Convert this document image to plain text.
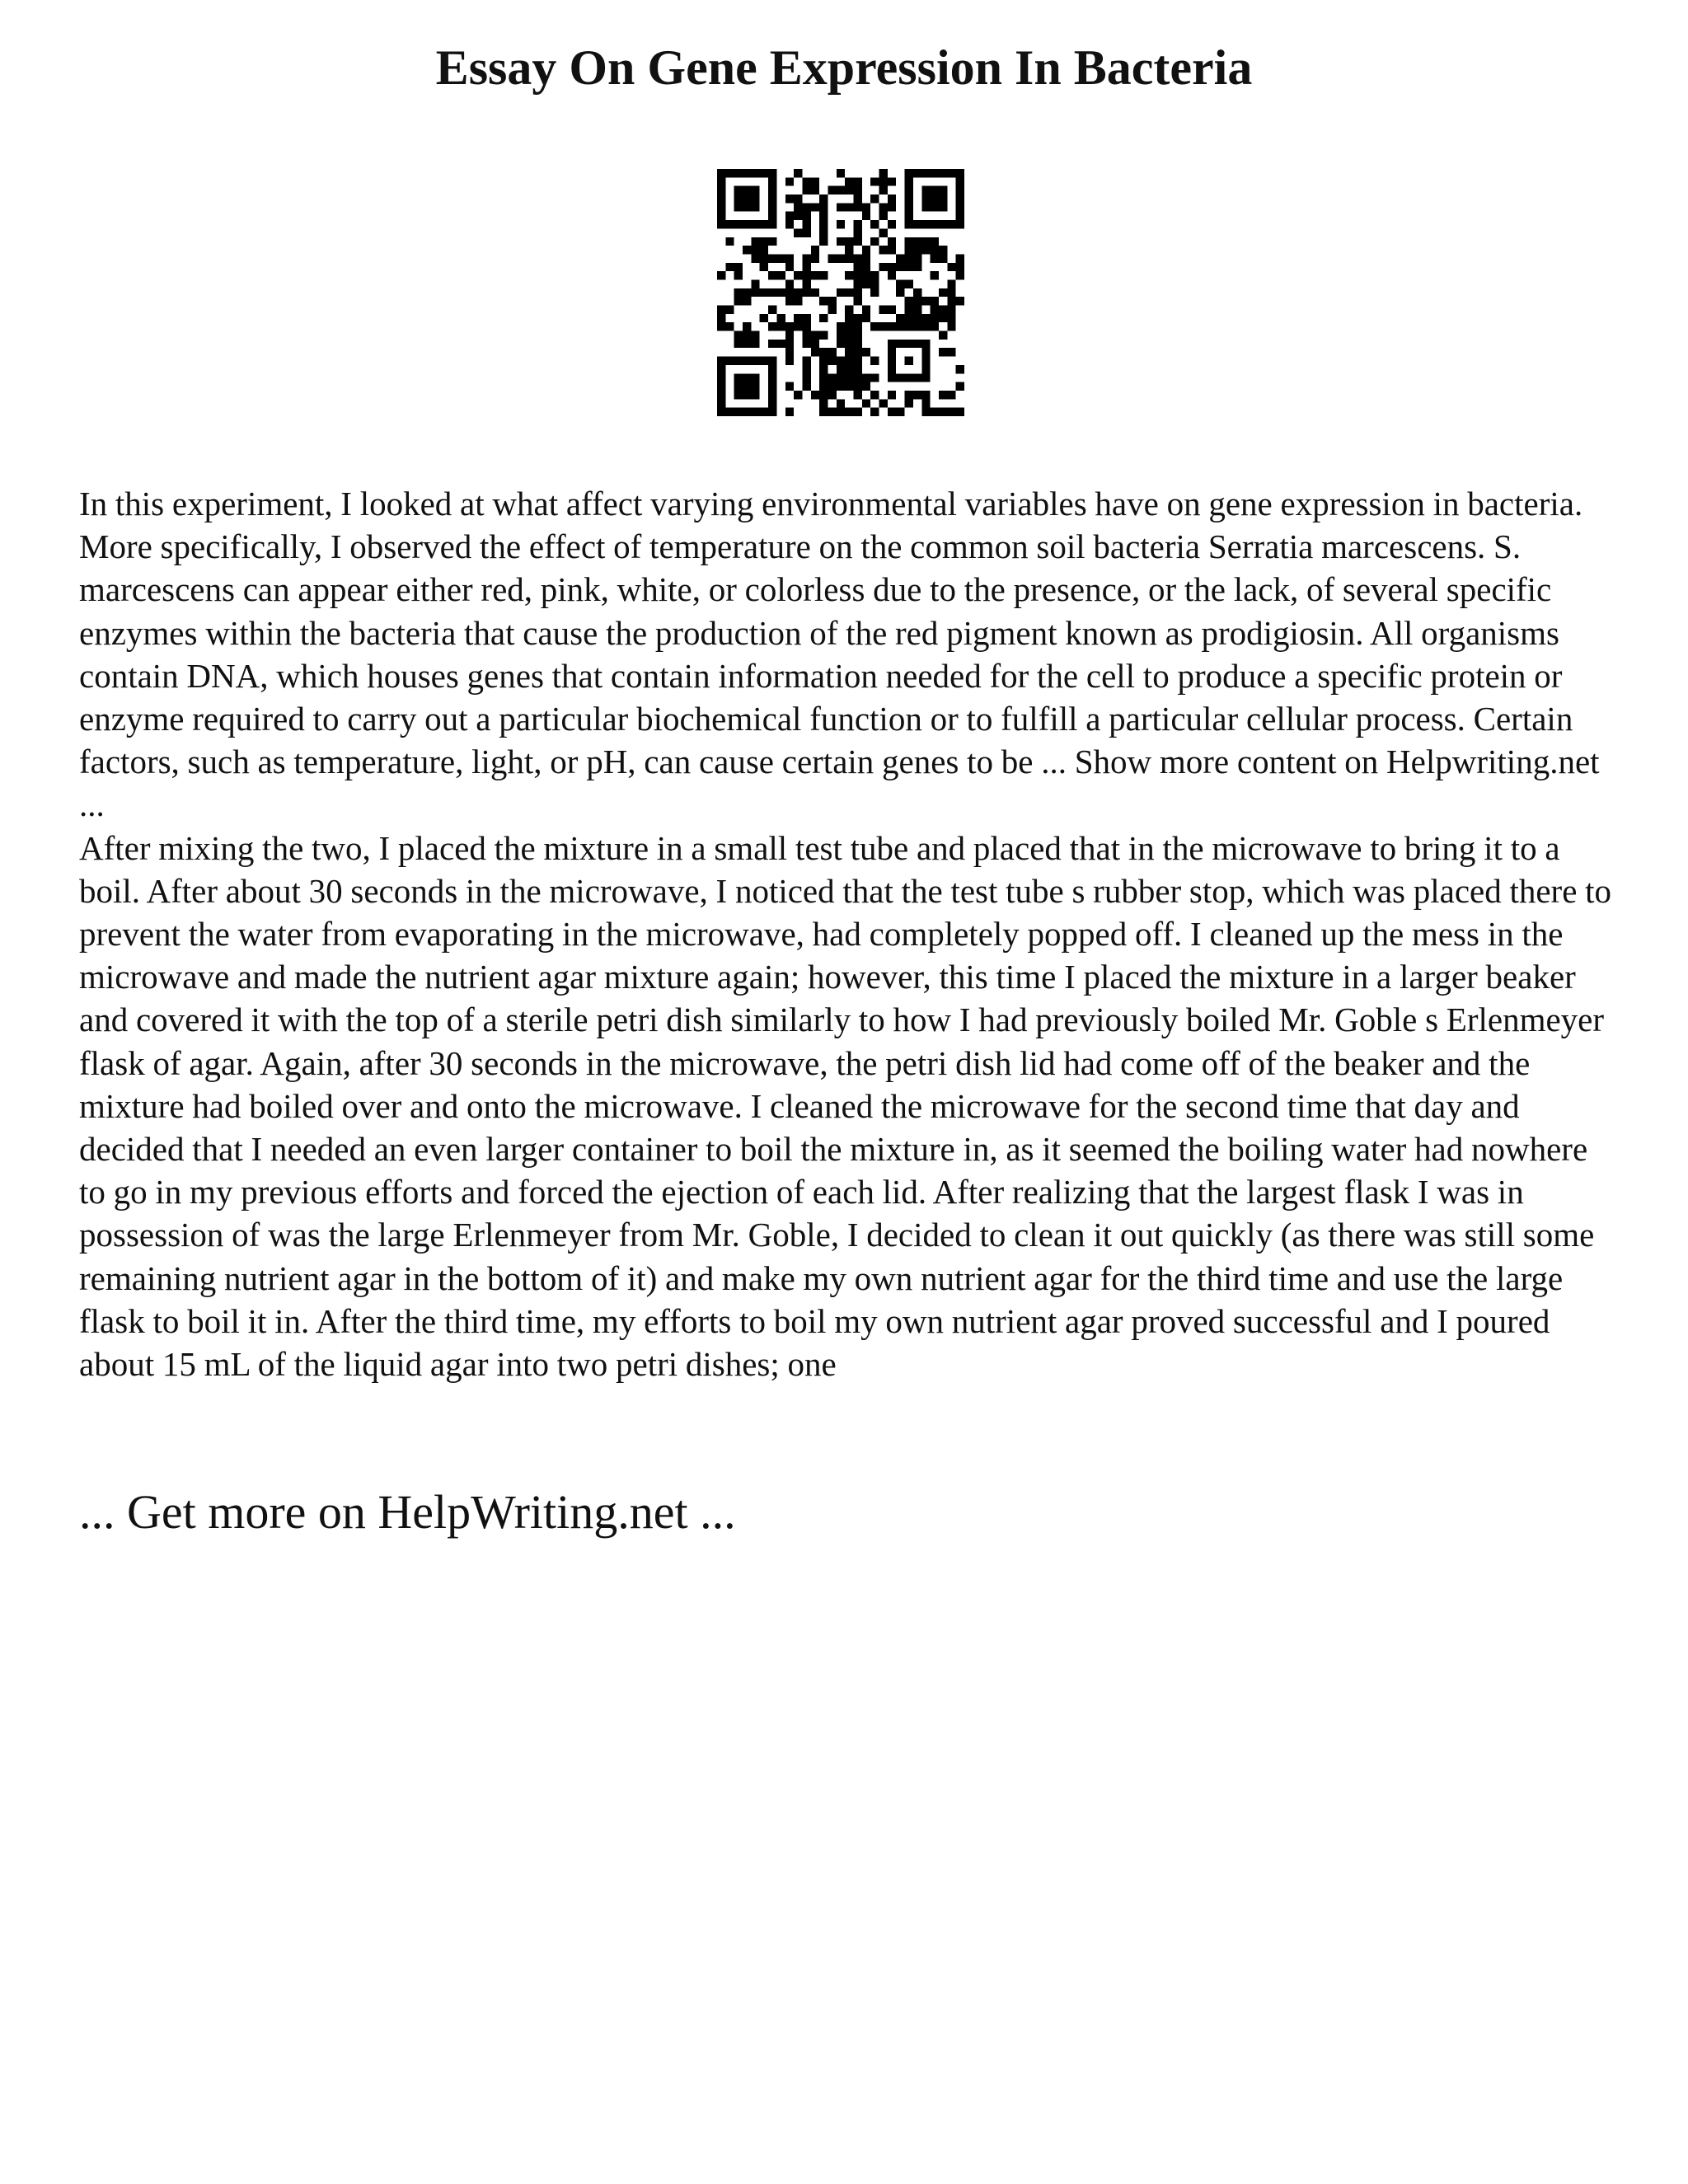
Essay On Gene Expression In Bacteria

In this experiment, I looked at what affect varying environmental variables have on gene expression in bacteria. More specifically, I observed the effect of temperature on the common soil bacteria Serratia marcescens. S. marcescens can appear either red, pink, white, or colorless due to the presence, or the lack, of several specific enzymes within the bacteria that cause the production of the red pigment known as prodigiosin. All organisms contain DNA, which houses genes that contain information needed for the cell to produce a specific protein or enzyme required to carry out a particular biochemical function or to fulfill a particular cellular process. Certain factors, such as temperature, light, or pH, can cause certain genes to be ... Show more content on Helpwriting.net ...

After mixing the two, I placed the mixture in a small test tube and placed that in the microwave to bring it to a boil. After about 30 seconds in the microwave, I noticed that the test tube s rubber stop, which was placed there to prevent the water from evaporating in the microwave, had completely popped off. I cleaned up the mess in the microwave and made the nutrient agar mixture again; however, this time I placed the mixture in a larger beaker and covered it with the top of a sterile petri dish similarly to how I had previously boiled Mr. Goble s Erlenmeyer flask of agar. Again, after 30 seconds in the microwave, the petri dish lid had come off of the beaker and the mixture had boiled over and onto the microwave. I cleaned the microwave for the second time that day and decided that I needed an even larger container to boil the mixture in, as it seemed the boiling water had nowhere to go in my previous efforts and forced the ejection of each lid. After realizing that the largest flask I was in possession of was the large Erlenmeyer from Mr. Goble, I decided to clean it out quickly (as there was still some remaining nutrient agar in the bottom of it) and make my own nutrient agar for the third time and use the large flask to boil it in. After the third time, my efforts to boil my own nutrient agar proved successful and I poured about 15 mL of the liquid agar into two petri dishes; one

... Get more on HelpWriting.net ...
